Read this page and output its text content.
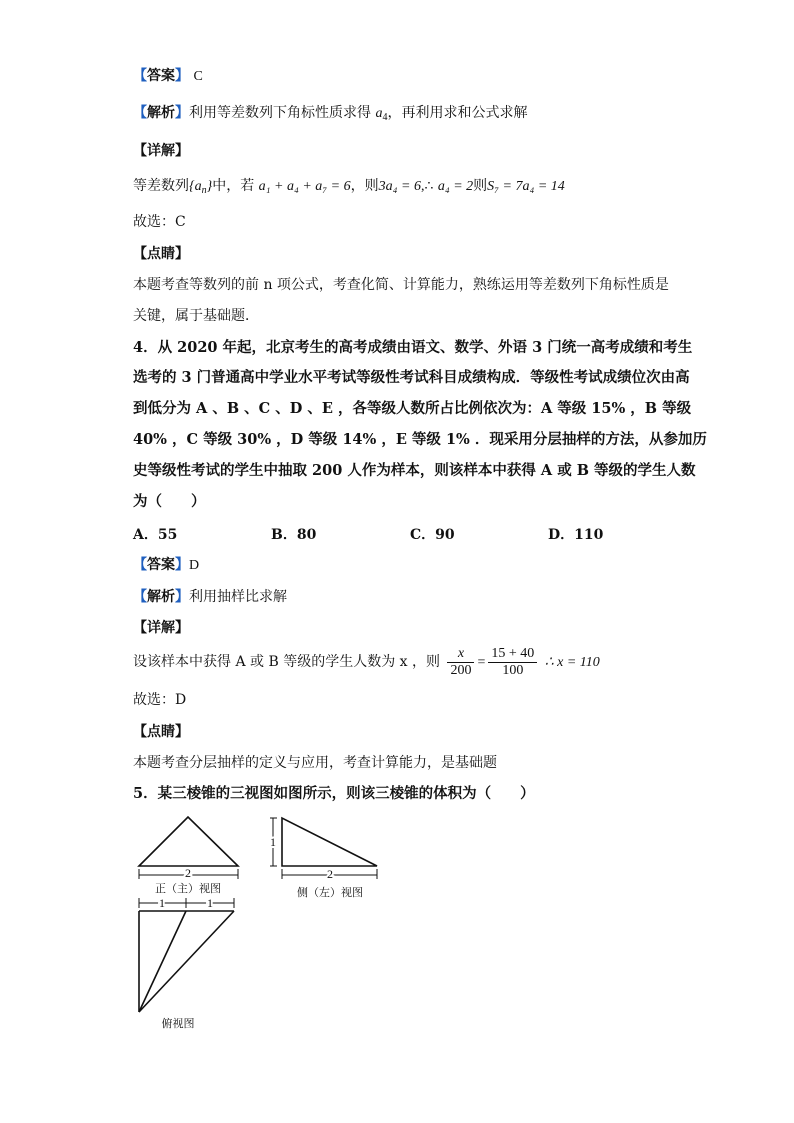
【答案】 C
【解析】利用等差数列下角标性质求得 $a_4$，再利用求和公式求解
【详解】
等差数列$\{a_n\}$中，若 a₁ + a₄ + a₇ = 6，则3a₄ = 6,∴ a₄ = 2则S₇ = 7a₄ = 14
故选：C
【点睛】
本题考查等数列的前 n 项公式，考查化简、计算能力，熟练运用等差数列下角标性质是
关键，属于基础题．
4．从 2020 年起，北京考生的高考成绩由语文、数学、外语 3 门统一高考成绩和考生
选考的 3 门普通高中学业水平考试等级性考试科目成绩构成．等级性考试成绩位次由高
到低分为 A 、B 、C 、D 、E ，各等级人数所占比例依次为：A 等级 15% ，B 等级
40% ，C 等级 30% ，D 等级 14% ，E 等级 1% ．现采用分层抽样的方法，从参加历
史等级性考试的学生中抽取 200 人作为样本，则该样本中获得 A 或 B 等级的学生人数
为（　　）
A．55	B．80	C．90	D．110
【答案】D
【解析】利用抽样比求解
【详解】
设该样本中获得 A 或 B 等级的学生人数为 x ，则 $\frac{x}{200} = \frac{15 + 40}{100}$ ∴ x = 110
故选：D
【点睛】
本题考查分层抽样的定义与应用，考查计算能力，是基础题
5．某三棱锥的三视图如图所示，则该三棱锥的体积为（　　）
2
正（主）视图
1
2
侧（左）视图
1	1
俯视图
